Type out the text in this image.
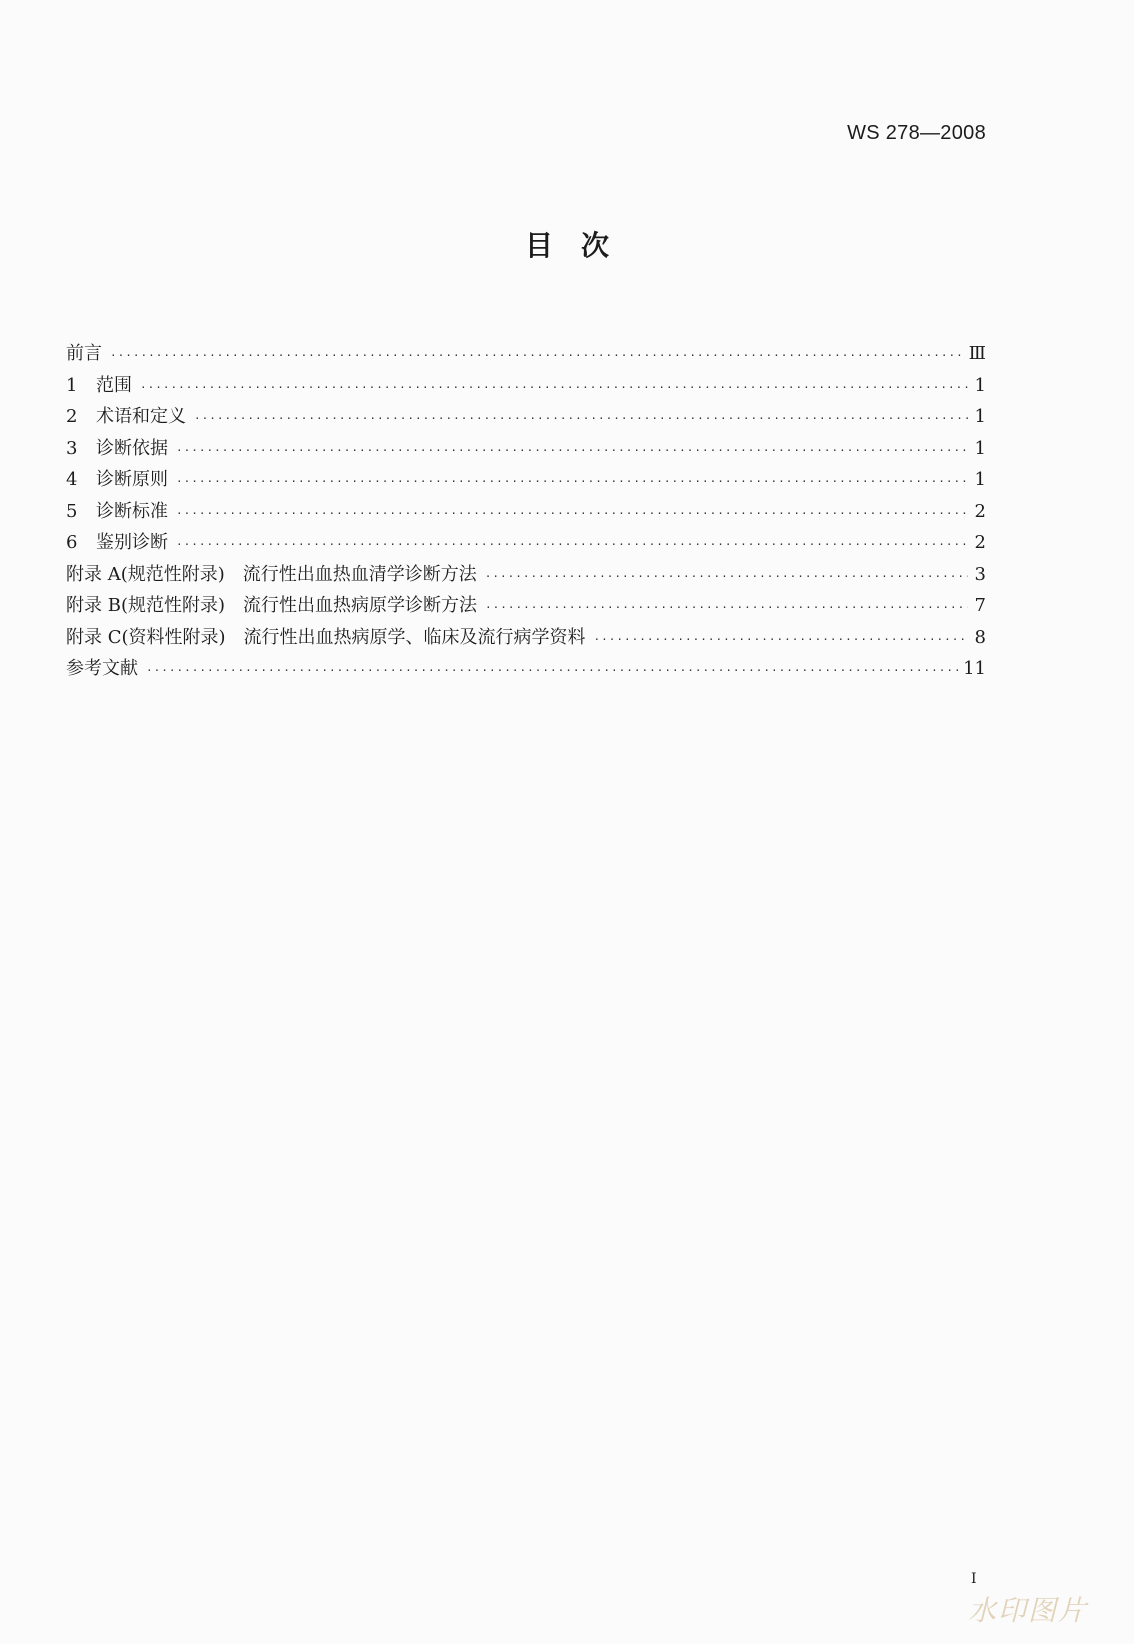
WS 278—2008
目　次
前言 ·····	Ⅲ
1	范围 ·····	1
2	术语和定义 ·····	1
3	诊断依据 ·····	1
4	诊断原则 ·····	1
5	诊断标准 ·····	2
6	鉴别诊断 ·····	2
附录 A(规范性附录)　流行性出血热血清学诊断方法 ·····	3
附录 B(规范性附录)　流行性出血热病原学诊断方法 ·····	7
附录 C(资料性附录)　流行性出血热病原学、临床及流行病学资料 ·····	8
参考文献 ·····	11
I
水印图片
